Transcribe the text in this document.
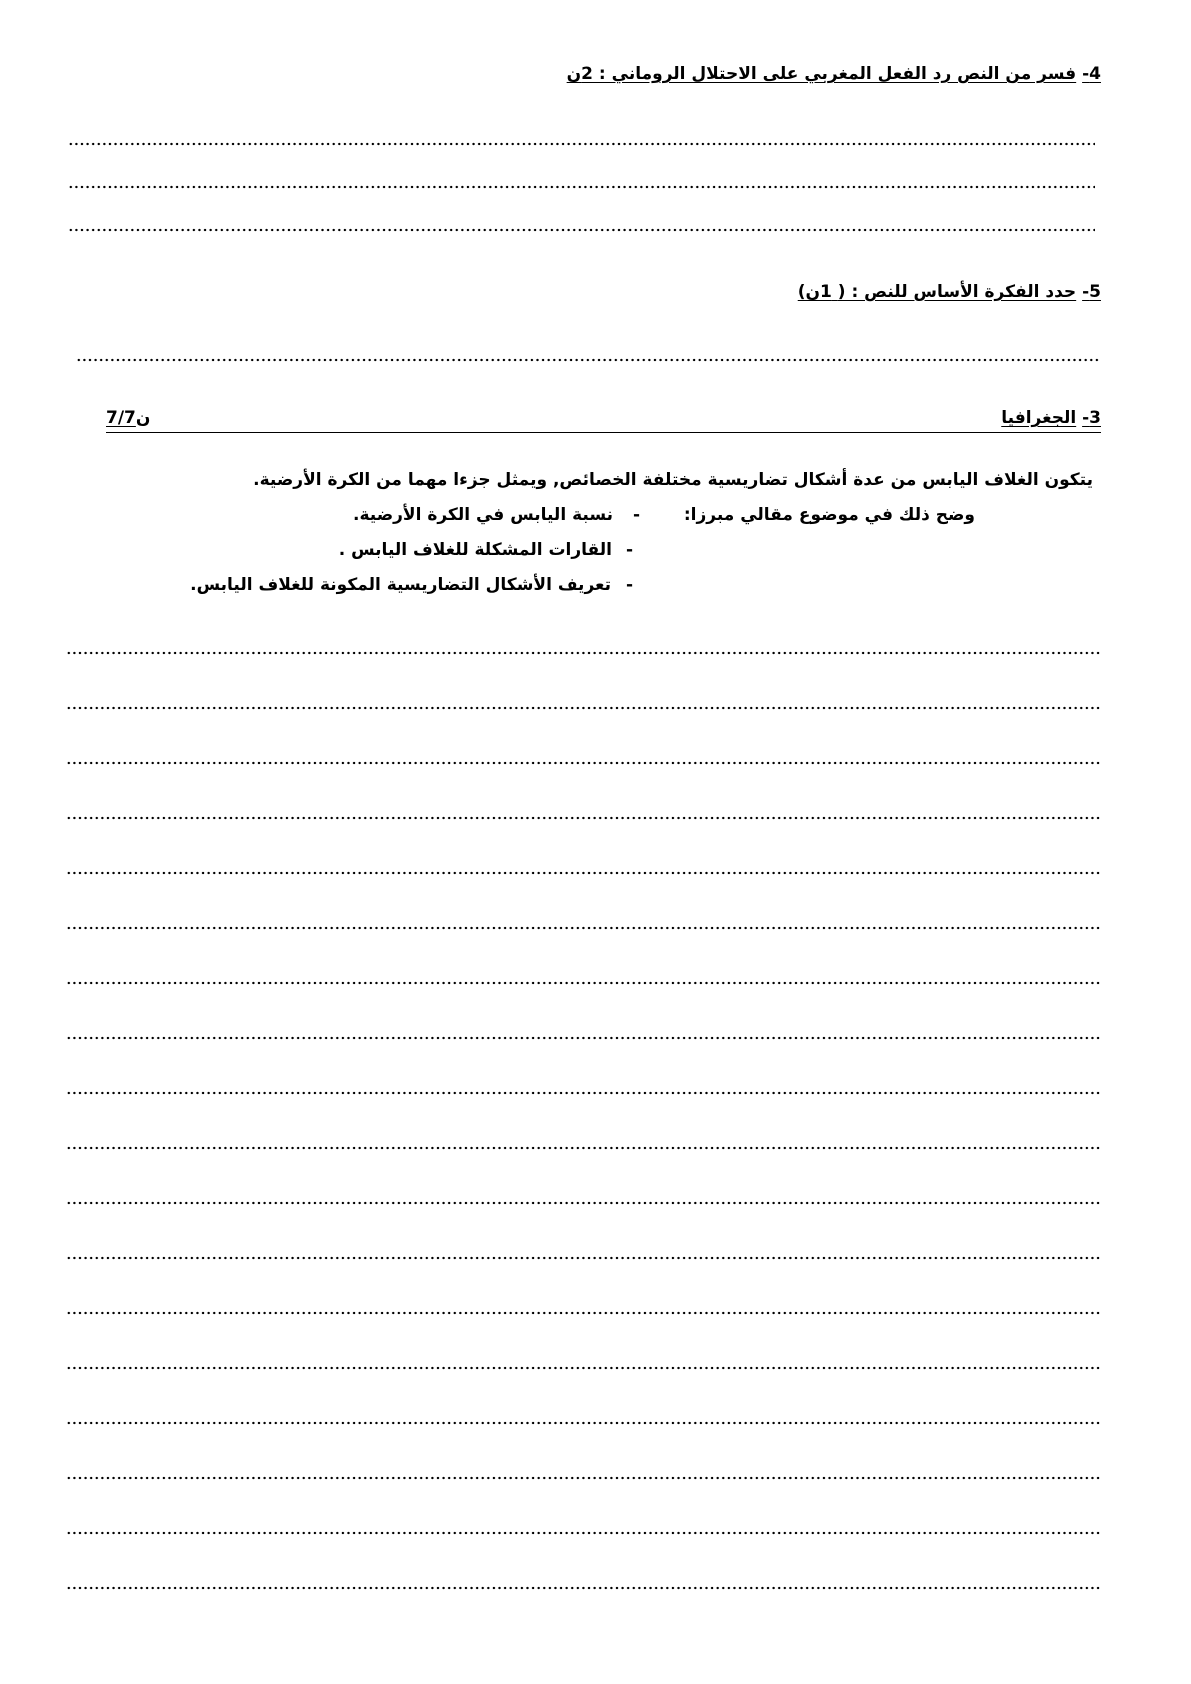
4- فسر من النص رد الفعل المغربي على الاحتلال الروماني : 2ن
5- حدد الفكرة الأساس للنص : ( 1ن)
3- الجغرافيا
7/7 ن
يتكون الغلاف اليابس من عدة أشكال تضاريسية مختلفة الخصائص, ويمثل جزءا مهما من الكرة الأرضية.
وضح ذلك في موضوع مقالي مبرزا:
-
نسبة اليابس في الكرة الأرضية.
-
القارات المشكلة للغلاف اليابس .
-
تعريف الأشكال التضاريسية المكونة للغلاف اليابس.
